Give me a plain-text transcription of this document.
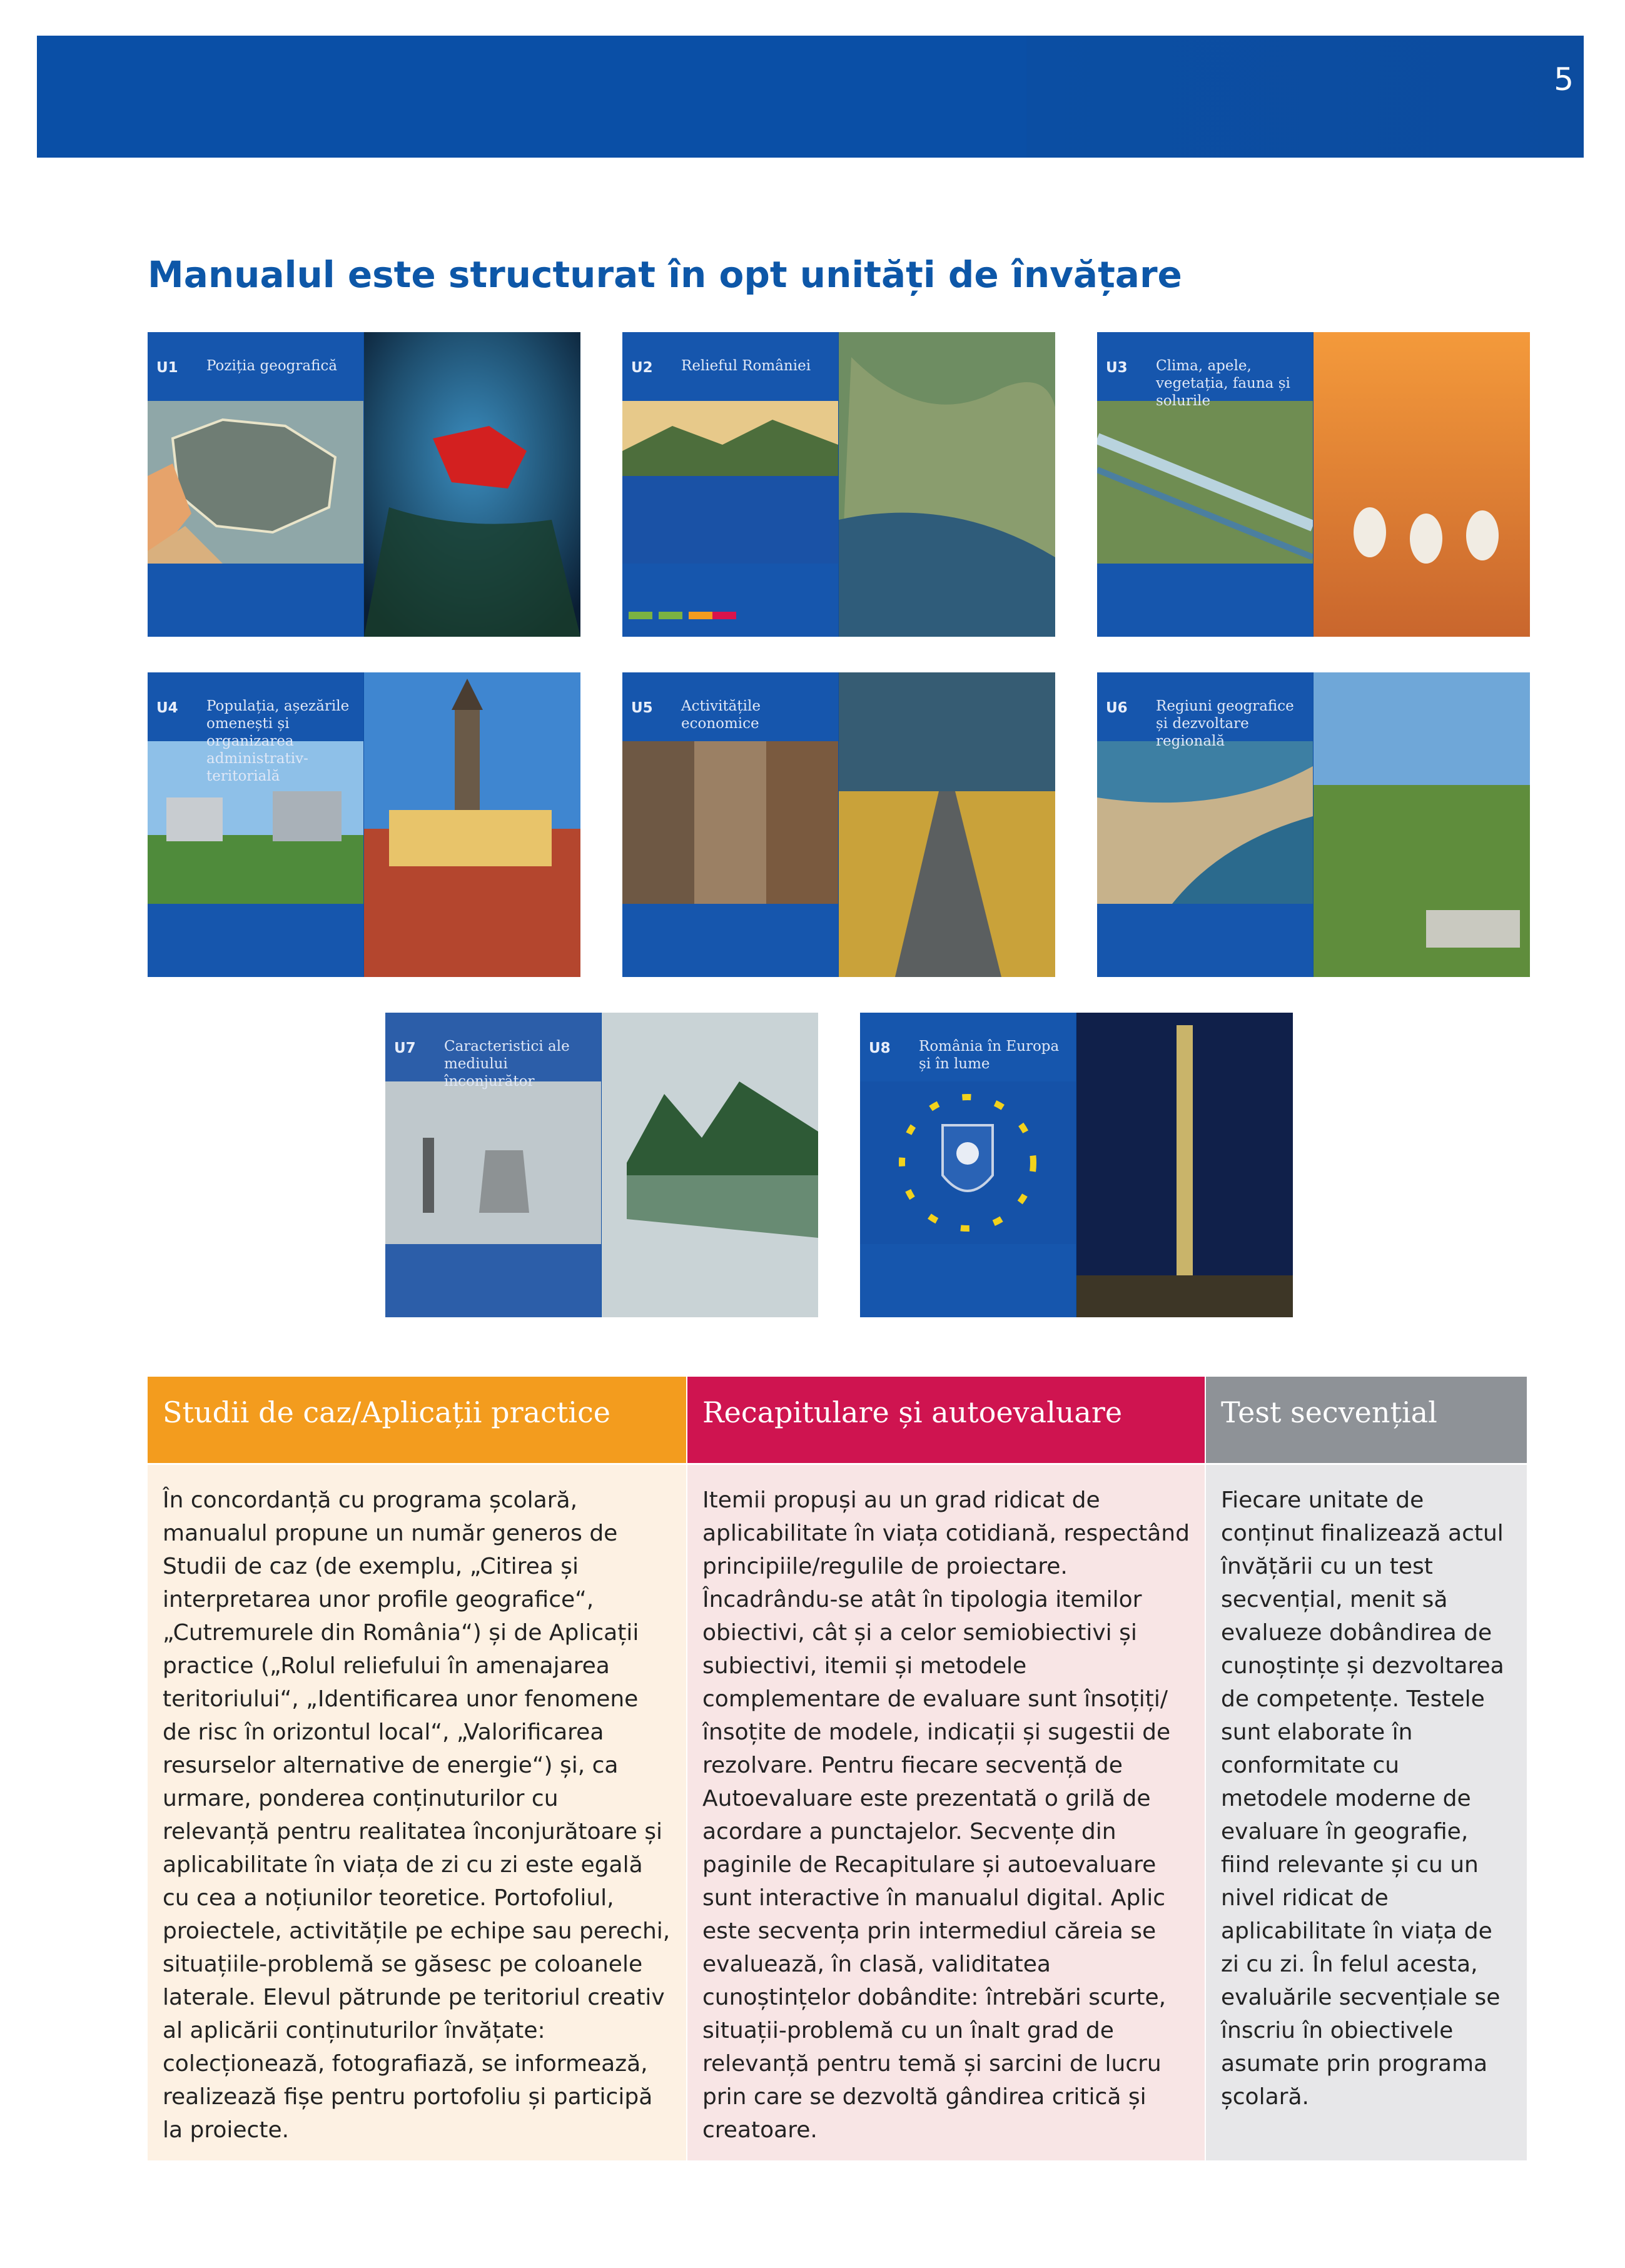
5
Manualul este structurat în opt unități de învățare
U1 Poziția geografică	U2 Relieful României	U3 Clima, apele, vegetația, fauna și solurile
U4 Populația, așezările omenești și organizarea administrativ-teritorială
U5 Activitățile economice
U6 Regiuni geografice și dezvoltare regională
U7 Caracteristici ale mediului înconjurător
U8 România în Europa și în lume
Studii de caz/Aplicații practice

În concordanță cu programa școlară, manualul propune un număr generos de Studii de caz (de exemplu, „Citirea și interpretarea unor profile geografice“, „Cutremurele din România“) și de Aplicații practice („Rolul reliefului în amenajarea teritoriului“, „Identificarea unor fenomene de risc în orizontul local“, „Valorificarea resurselor alternative de energie“) și, ca urmare, ponderea conținuturilor cu relevanță pentru realitatea înconjurătoare și aplicabilitate în viața de zi cu zi este egală cu cea a noțiunilor teoretice. Portofoliul, proiectele, activitățile pe echipe sau perechi, situațiile-problemă se găsesc pe coloanele laterale. Elevul pătrunde pe teritoriul creativ al aplicării conținuturilor învățate: colecționează, fotografiază, se informează, realizează fișe pentru portofoliu și participă la proiecte.

Recapitulare și autoevaluare

Itemii propuși au un grad ridicat de aplicabilitate în viața cotidiană, respectând principiile/regulile de proiectare. Încadrându-se atât în tipologia itemilor obiectivi, cât și a celor semiobiectivi și subiectivi, itemii și metodele complementare de evaluare sunt însoțiți/ însoțite de modele, indicații și sugestii de rezolvare. Pentru fiecare secvență de Autoevaluare este prezentată o grilă de acordare a punctajelor. Secvențe din paginile de Recapitulare și autoevaluare sunt interactive în manualul digital. Aplic este secvența prin intermediul căreia se evaluează, în clasă, validitatea cunoștințelor dobândite: întrebări scurte, situații-problemă cu un înalt grad de relevanță pentru temă și sarcini de lucru prin care se dezvoltă gândirea critică și creatoare.

Test secvențial

Fiecare unitate de conținut finalizează actul învățării cu un test secvențial, menit să evalueze dobândirea de cunoștințe și dezvoltarea de competențe. Testele sunt elaborate în conformitate cu metodele moderne de evaluare în geografie, fiind relevante și cu un nivel ridicat de aplicabilitate în viața de zi cu zi. În felul acesta, evaluările secvențiale se înscriu în obiectivele asumate prin programa școlară.
